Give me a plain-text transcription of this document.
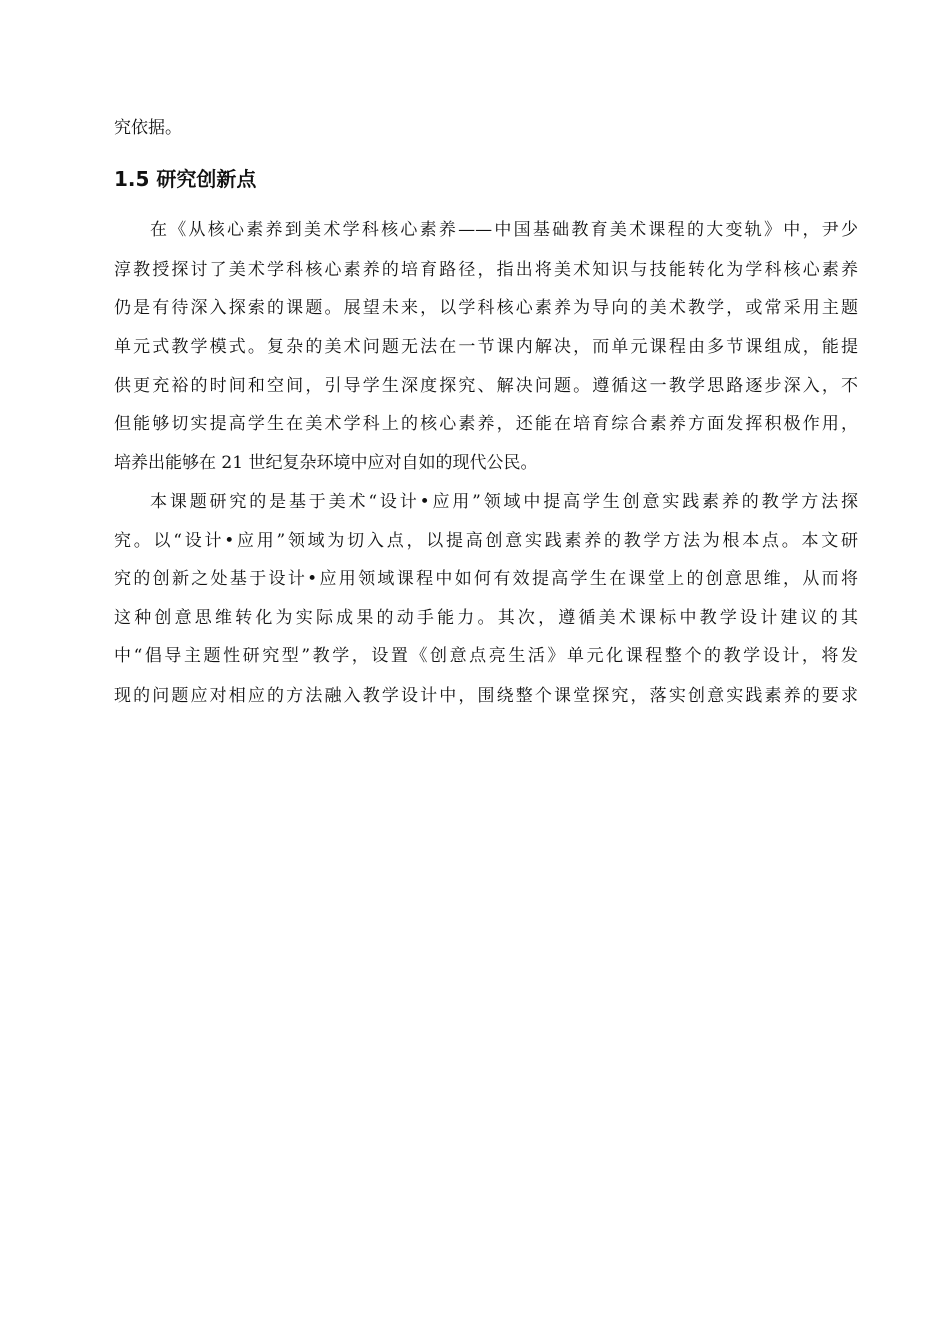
究依据。
1.5 研究创新点
在《从核心素养到美术学科核心素养——中国基础教育美术课程的大变轨》中，尹少
淳教授探讨了美术学科核心素养的培育路径，指出将美术知识与技能转化为学科核心素养
仍是有待深入探索的课题。展望未来，以学科核心素养为导向的美术教学，或常采用主题
单元式教学模式。复杂的美术问题无法在一节课内解决，而单元课程由多节课组成，能提
供更充裕的时间和空间，引导学生深度探究、解决问题。遵循这一教学思路逐步深入，不
但能够切实提高学生在美术学科上的核心素养，还能在培育综合素养方面发挥积极作用，
培养出能够在 21 世纪复杂环境中应对自如的现代公民。
本课题研究的是基于美术“设计•应用”领域中提高学生创意实践素养的教学方法探
究。以“设计•应用”领域为切入点，以提高创意实践素养的教学方法为根本点。本文研
究的创新之处基于设计•应用领域课程中如何有效提高学生在课堂上的创意思维，从而将
这种创意思维转化为实际成果的动手能力。其次，遵循美术课标中教学设计建议的其
中“倡导主题性研究型”教学，设置《创意点亮生活》单元化课程整个的教学设计，将发
现的问题应对相应的方法融入教学设计中，围绕整个课堂探究，落实创意实践素养的要求
